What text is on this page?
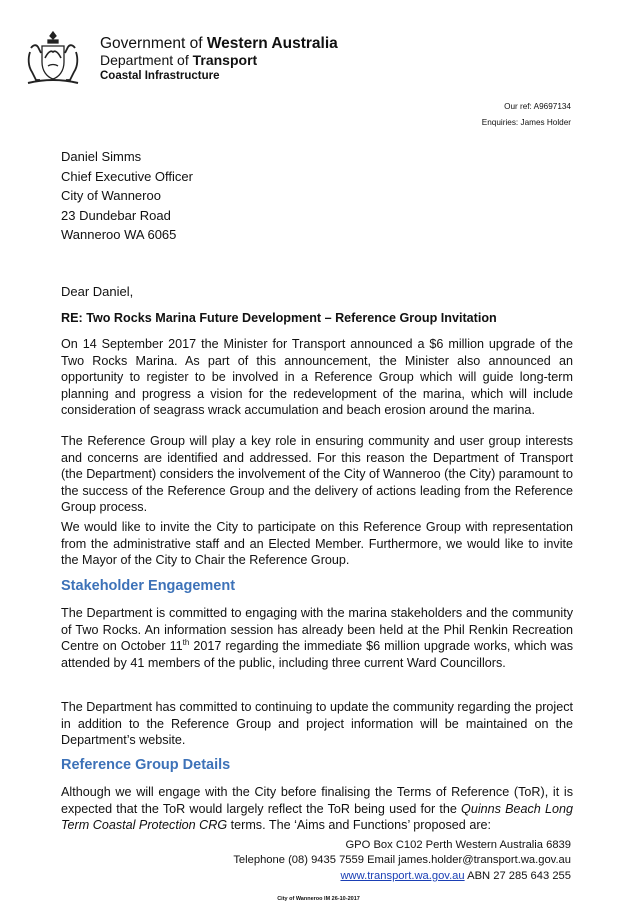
Government of Western Australia
Department of Transport
Coastal Infrastructure
Our ref: A9697134
Enquiries: James Holder
Daniel Simms
Chief Executive Officer
City of Wanneroo
23 Dundebar Road
Wanneroo WA 6065
Dear Daniel,
RE: Two Rocks Marina Future Development – Reference Group Invitation
On 14 September 2017 the Minister for Transport announced a $6 million upgrade of the Two Rocks Marina. As part of this announcement, the Minister also announced an opportunity to register to be involved in a Reference Group which will guide long-term planning and progress a vision for the redevelopment of the marina, which will include consideration of seagrass wrack accumulation and beach erosion around the marina.
The Reference Group will play a key role in ensuring community and user group interests and concerns are identified and addressed. For this reason the Department of Transport (the Department) considers the involvement of the City of Wanneroo (the City) paramount to the success of the Reference Group and the delivery of actions leading from the Reference Group process.
We would like to invite the City to participate on this Reference Group with representation from the administrative staff and an Elected Member. Furthermore, we would like to invite the Mayor of the City to Chair the Reference Group.
Stakeholder Engagement
The Department is committed to engaging with the marina stakeholders and the community of Two Rocks. An information session has already been held at the Phil Renkin Recreation Centre on October 11th 2017 regarding the immediate $6 million upgrade works, which was attended by 41 members of the public, including three current Ward Councillors.
The Department has committed to continuing to update the community regarding the project in addition to the Reference Group and project information will be maintained on the Department’s website.
Reference Group Details
Although we will engage with the City before finalising the Terms of Reference (ToR), it is expected that the ToR would largely reflect the ToR being used for the Quinns Beach Long Term Coastal Protection CRG terms. The ‘Aims and Functions’ proposed are:
GPO Box C102 Perth Western Australia 6839
Telephone (08) 9435 7559 Email james.holder@transport.wa.gov.au
www.transport.wa.gov.au ABN 27 285 643 255
City of Wanneroo IM 26-10-2017
